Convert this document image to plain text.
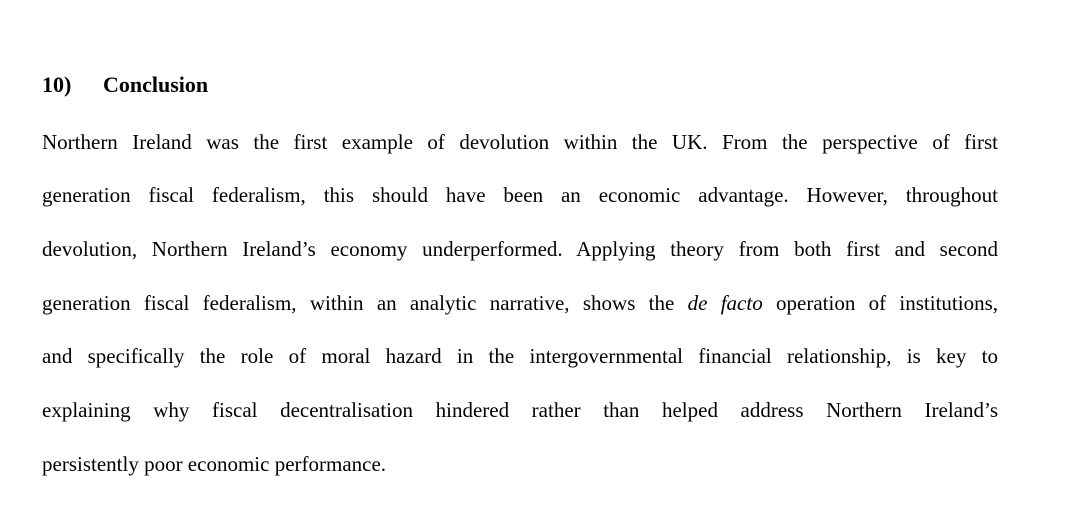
10) Conclusion
Northern Ireland was the first example of devolution within the UK. From the perspective of first
generation fiscal federalism, this should have been an economic advantage. However, throughout
devolution, Northern Ireland’s economy underperformed. Applying theory from both first and second
generation fiscal federalism, within an analytic narrative, shows the de facto operation of institutions,
and specifically the role of moral hazard in the intergovernmental financial relationship, is key to
explaining why fiscal decentralisation hindered rather than helped address Northern Ireland’s
persistently poor economic performance.
